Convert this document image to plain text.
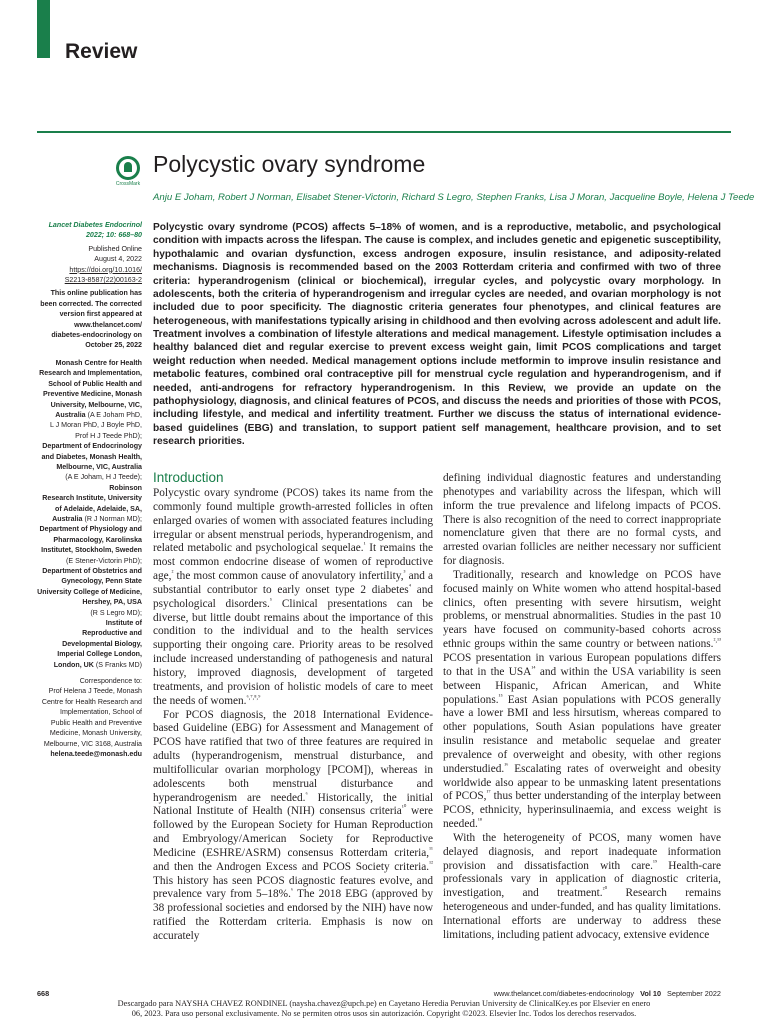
Review
CrossMark
Polycystic ovary syndrome
Anju E Joham, Robert J Norman, Elisabet Stener-Victorin, Richard S Legro, Stephen Franks, Lisa J Moran, Jacqueline Boyle, Helena J Teede

Lancet Diabetes Endocrinol

2022; 10: 668–80

Published Online

August 4, 2022

https://doi.org/10.1016/

S2213-8587(22)00163-2

This online publication has

been corrected. The corrected

version first appeared at

www.thelancet.com/

diabetes-endocrinology on

October 25, 2022

Monash Centre for Health

Research and Implementation,

School of Public Health and

Preventive Medicine, Monash

University, Melbourne, VIC,

Australia (A E Joham PhD,

L J Moran PhD, J Boyle PhD,

Prof H J Teede PhD);

Department of Endocrinology

and Diabetes, Monash Health,

Melbourne, VIC, Australia

(A E Joham, H J Teede);

Robinson

Research Institute, University

of Adelaide, Adelaide, SA,

Australia (R J Norman MD);

Department of Physiology and

Pharmacology, Karolinska

Institutet, Stockholm, Sweden

(E Stener-Victorin PhD);

Department of Obstetrics and

Gynecology, Penn State

University College of Medicine,

Hershey, PA, USA

(R S Legro MD);

Institute of

Reproductive and

Developmental Biology,

Imperial College London,

London, UK (S Franks MD)

Correspondence to:

Prof Helena J Teede, Monash

Centre for Health Research and

Implementation, School of

Public Health and Preventive

Medicine, Monash University,

Melbourne, VIC 3168, Australia

helena.teede@monash.edu

Polycystic ovary syndrome (PCOS) affects 5–18% of women, and is a reproductive, metabolic, and psychological condition with impacts across the lifespan. The cause is complex, and includes genetic and epigenetic susceptibility, hypothalamic and ovarian dysfunction, excess androgen exposure, insulin resistance, and adiposity-related mechanisms. Diagnosis is recommended based on the 2003 Rotterdam criteria and confirmed with two of three criteria: hyperandrogenism (clinical or biochemical), irregular cycles, and polycystic ovary morphology. In adolescents, both the criteria of hyperandrogenism and irregular cycles are needed, and ovarian morphology is not included due to poor specificity. The diagnostic criteria generates four phenotypes, and clinical features are heterogeneous, with manifestations typically arising in childhood and then evolving across adolescent and adult life. Treatment involves a combination of lifestyle alterations and medical management. Lifestyle optimisation includes a healthy balanced diet and regular exercise to prevent excess weight gain, limit PCOS complications and target weight reduction when needed. Medical management options include metformin to improve insulin resistance and metabolic features, combined oral contraceptive pill for menstrual cycle regulation and hyperandrogenism, and if needed, anti-androgens for refractory hyperandrogenism. In this Review, we provide an update on the pathophysiology, diagnosis, and clinical features of PCOS, and discuss the needs and priorities of those with PCOS, including lifestyle, and medical and infertility treatment. Further we discuss the status of international evidence-based guidelines (EBG) and translation, to support patient self management, healthcare provision, and to set research priorities.

Introduction

Polycystic ovary syndrome (PCOS) takes its name from the commonly found multiple growth-arrested follicles in often enlarged ovaries of women with associated features including irregular or absent menstrual periods, hyperandrogenism, and related metabolic and psychological sequelae.$^{^1}$ It remains the most common endocrine disease of women of reproductive age,$^{^2}$ the most common cause of anovulatory infertility,$^{^3}$ and a substantial contributor to early onset type 2 diabetes$^{^4}$ and psychological disorders.$^{^5}$ Clinical presentations can be diverse, but little doubt remains about the importance of this condition to the individual and to the health services supporting their ongoing care. Priority areas to be resolved include increased understanding of pathogenesis and natural history, improved diagnosis, development of targeted treatments, and provision of holistic models of care to meet the needs of women.$^{^6,^7,^8,^9}$

For PCOS diagnosis, the 2018 International Evidence-based Guideline (EBG) for Assessment and Management of PCOS have ratified that two of three features are required in adults (hyperandrogenism, menstrual disturbance, and multifollicular ovarian morphology [PCOM]), whereas in adolescents both menstrual disturbance and hyperandrogenism are needed.$^{^6}$ Historically, the initial National Institute of Health (NIH) consensus criteria$^{^{10}}$ were followed by the European Society for Human Reproduction and Embryology/American Society for Reproductive Medicine (ESHRE/ASRM) consensus Rotterdam criteria,$^{^{11}}$ and then the Androgen Excess and PCOS Society criteria.$^{^{12}}$ This history has seen PCOS diagnostic features evolve, and prevalence vary from 5–18%.$^{^6}$ The 2018 EBG (approved by 38 professional societies and endorsed by the NIH) have now ratified the Rotterdam criteria. Emphasis is now on accurately

defining individual diagnostic features and understanding phenotypes and variability across the lifespan, which will inform the true prevalence and lifelong impacts of PCOS. There is also recognition of the need to correct inappropriate nomenclature given that there are no formal cysts, and arrested ovarian follicles are neither necessary nor sufficient for diagnosis.

Traditionally, research and knowledge on PCOS have focused mainly on White women who attend hospital-based clinics, often presenting with severe hirsutism, weight problems, or menstrual abnormalities. Studies in the past 10 years have focused on community-based cohorts across ethnic groups within the same country or between nations.$^{^2,^{13}}$ PCOS presentation in various European populations differs to that in the $USA^{^{14}}$ and within the USA variability is seen between Hispanic, African American, and White populations.$^{^{15}}$ East Asian populations with PCOS generally have a lower BMI and less hirsutism, whereas compared to other populations, South Asian populations have greater insulin resistance and metabolic sequelae and greater prevalence of overweight and obesity, with other regions understudied.$^{^{16}}$ Escalating rates of overweight and obesity worldwide also appear to be unmasking latent presentations of PCOS,$^{^{17}}$ thus better understanding of the interplay between PCOS, ethnicity, hyperinsulinaemia, and excess weight is needed.$^{^{18}}$

With the heterogeneity of PCOS, many women have delayed diagnosis, and report inadequate information provision and dissatisfaction with care.$^{^{19}}$ Health-care professionals vary in application of diagnostic criteria, investigation, and treatment.$^{^{20}}$ Research remains heterogeneous and under-funded, and has quality limitations. International efforts are underway to address these limitations, including patient advocacy, extensive evidence

668	www.thelancet.com/diabetes-endocrinology Vol 10 September 2022
Descargado para NAYSHA CHAVEZ RONDINEL (naysha.chavez@upch.pe) en Cayetano Heredia Peruvian University de ClinicalKey.es por Elsevier en enero
06, 2023. Para uso personal exclusivamente. No se permiten otros usos sin autorización. Copyright ©2023. Elsevier Inc. Todos los derechos reservados.
